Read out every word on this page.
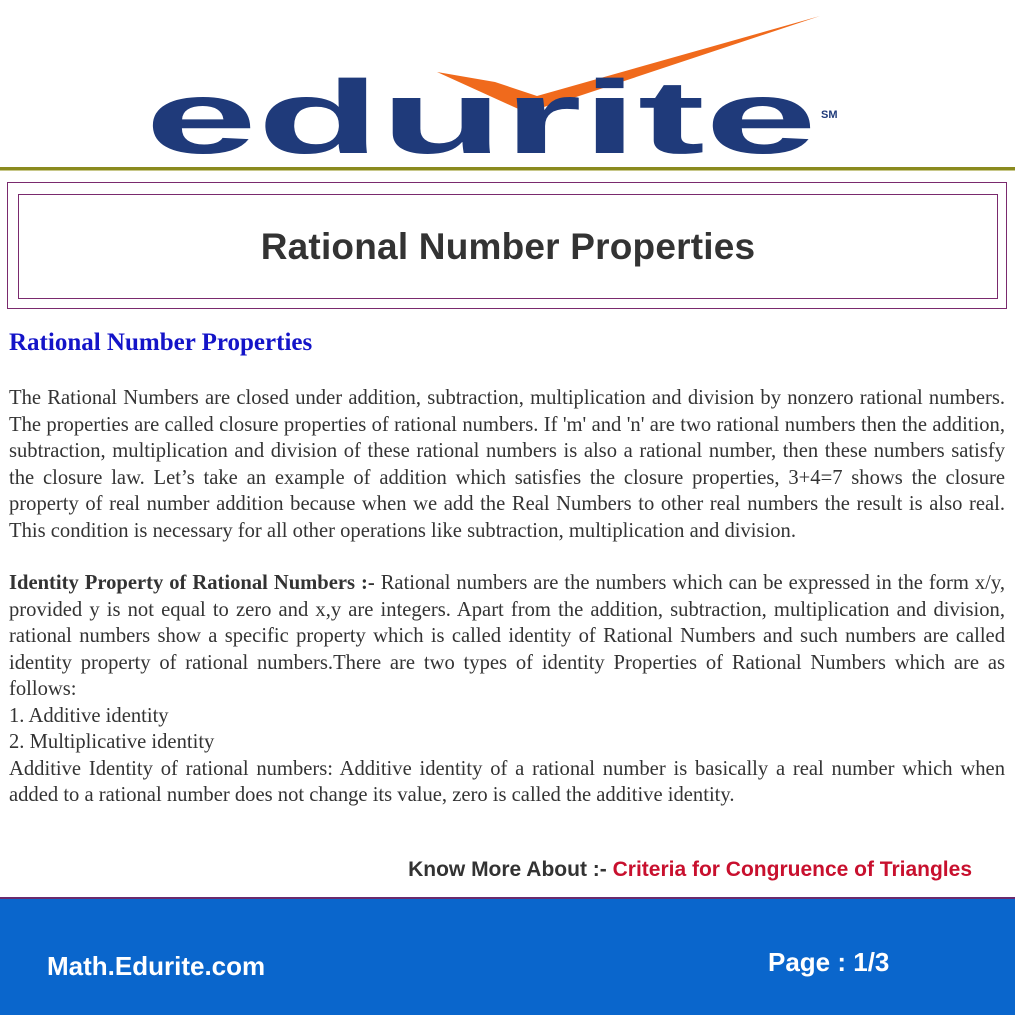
edurite SM
Rational Number Properties
Rational Number Properties

The Rational Numbers are closed under addition, subtraction, multiplication and division by nonzero rational numbers. The properties are called closure properties of rational numbers. If 'm' and 'n' are two rational numbers then the addition, subtraction, multiplication and division of these rational numbers is also a rational number, then these numbers satisfy the closure law. Let’s take an example of addition which satisfies the closure properties, 3+4=7 shows the closure property of real number addition because when we add the Real Numbers to other real numbers the result is also real. This condition is necessary for all other operations like subtraction, multiplication and division.

Identity Property of Rational Numbers :- Rational numbers are the numbers which can be expressed in the form x/y, provided y is not equal to zero and x,y are integers. Apart from the addition, subtraction, multiplication and division, rational numbers show a specific property which is called identity of Rational Numbers and such numbers are called identity property of rational numbers.There are two types of identity Properties of Rational Numbers which are as follows:

1. Additive identity

2. Multiplicative identity

Additive Identity of rational numbers: Additive identity of a rational number is basically a real number which when added to a rational number does not change its value, zero is called the additive identity.

Know More About :- Criteria for Congruence of Triangles
Math.Edurite.com	Page : 1/3
